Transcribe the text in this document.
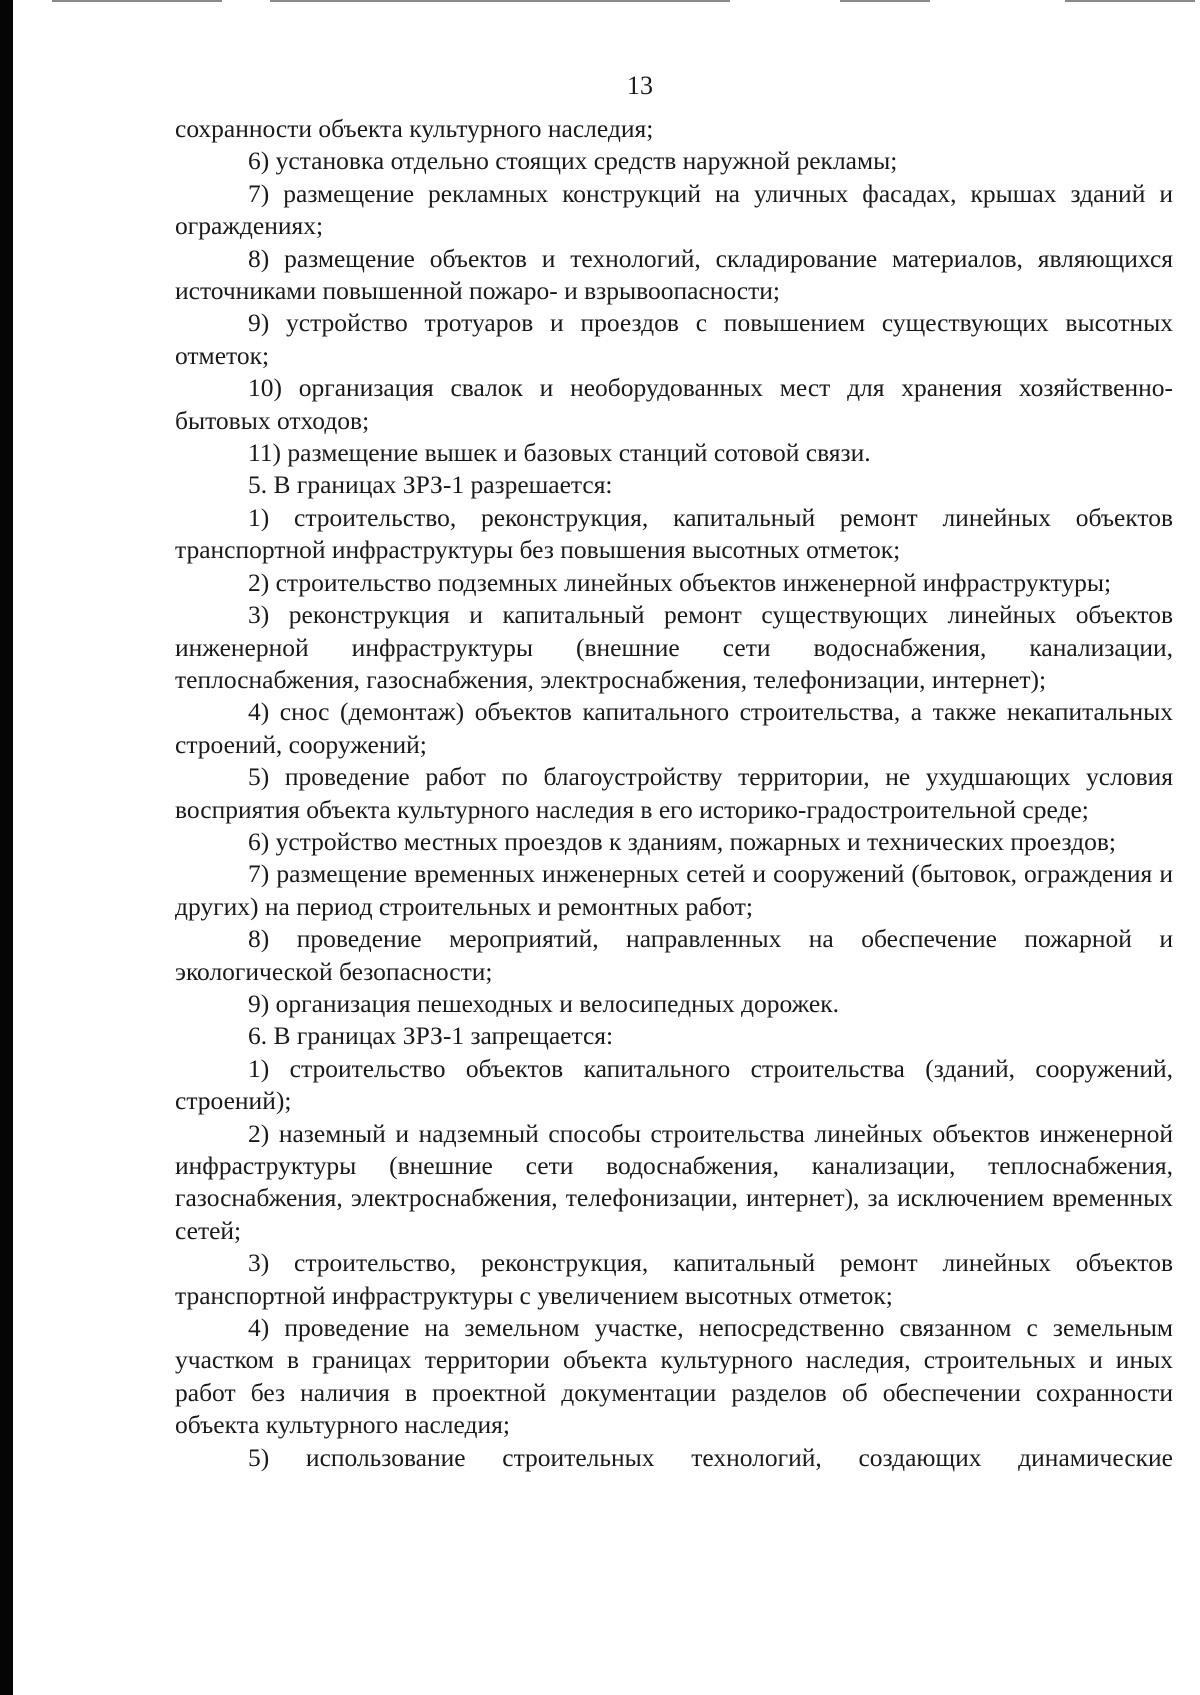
13

сохранности объекта культурного наследия;

6) установка отдельно стоящих средств наружной рекламы;

7) размещение рекламных конструкций на уличных фасадах, крышах зданий и ограждениях;

8) размещение объектов и технологий, складирование материалов, являющихся источниками повышенной пожаро- и взрывоопасности;

9) устройство тротуаров и проездов с повышением существующих высотных отметок;

10) организация свалок и необорудованных мест для хранения хозяйственно-бытовых отходов;

11) размещение вышек и базовых станций сотовой связи.

5. В границах ЗРЗ-1 разрешается:

1) строительство, реконструкция, капитальный ремонт линейных объектов транспортной инфраструктуры без повышения высотных отметок;

2) строительство подземных линейных объектов инженерной инфраструктуры;

3) реконструкция и капитальный ремонт существующих линейных объектов инженерной инфраструктуры (внешние сети водоснабжения, канализации, теплоснабжения, газоснабжения, электроснабжения, телефонизации, интернет);

4) снос (демонтаж) объектов капитального строительства, а также некапитальных строений, сооружений;

5) проведение работ по благоустройству территории, не ухудшающих условия восприятия объекта культурного наследия в его историко-градостроительной среде;

6) устройство местных проездов к зданиям, пожарных и технических проездов;

7) размещение временных инженерных сетей и сооружений (бытовок, ограждения и других) на период строительных и ремонтных работ;

8) проведение мероприятий, направленных на обеспечение пожарной и экологической безопасности;

9) организация пешеходных и велосипедных дорожек.

6. В границах ЗРЗ-1 запрещается:

1) строительство объектов капитального строительства (зданий, сооружений, строений);

2) наземный и надземный способы строительства линейных объектов инженерной инфраструктуры (внешние сети водоснабжения, канализации, теплоснабжения, газоснабжения, электроснабжения, телефонизации, интернет), за исключением временных сетей;

3) строительство, реконструкция, капитальный ремонт линейных объектов транспортной инфраструктуры с увеличением высотных отметок;

4) проведение на земельном участке, непосредственно связанном с земельным участком в границах территории объекта культурного наследия, строительных и иных работ без наличия в проектной документации разделов об обеспечении сохранности объекта культурного наследия;

5) использование строительных технологий, создающих динамические
